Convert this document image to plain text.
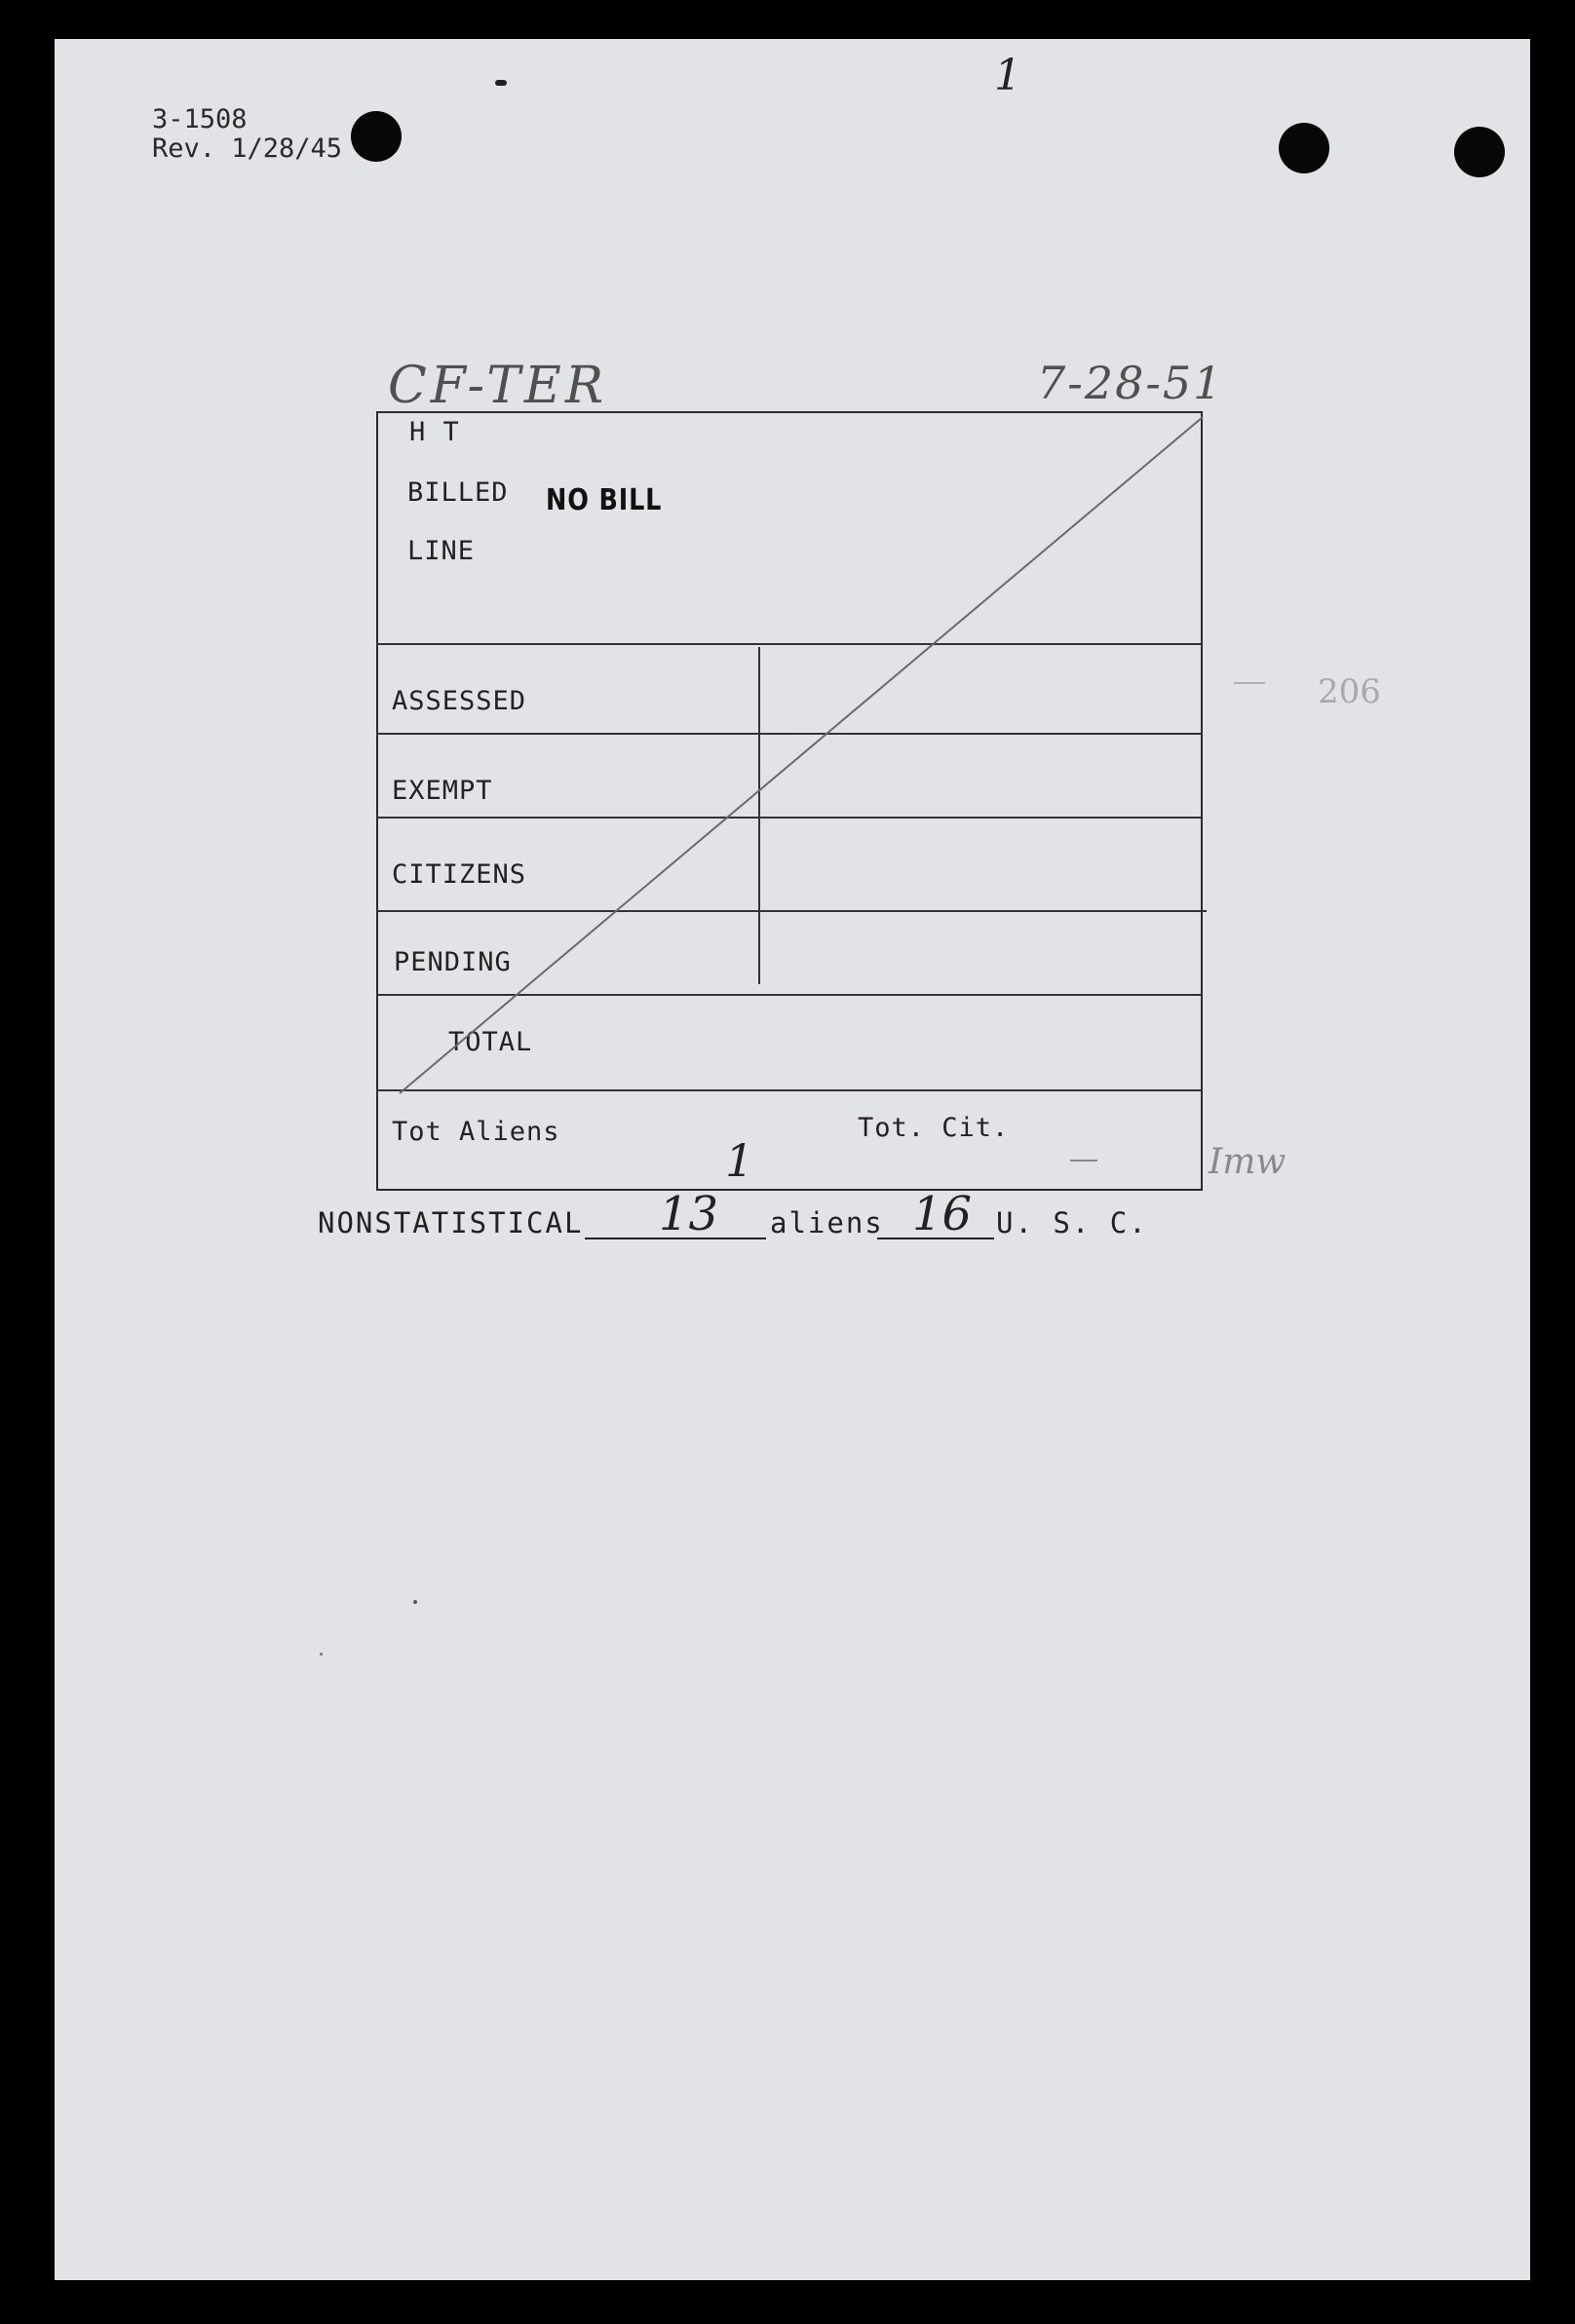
3-1508
Rev. 1/28/45
1
CF-TER	7-28-51
H T
BILLED NO BILL
LINE
ASSESSED
EXEMPT
CITIZENS
PENDING
TOTAL
Tot Aliens	Tot. Cit.
1
206
Imw
NONSTATISTICAL 13 aliens 16 U. S. C.
